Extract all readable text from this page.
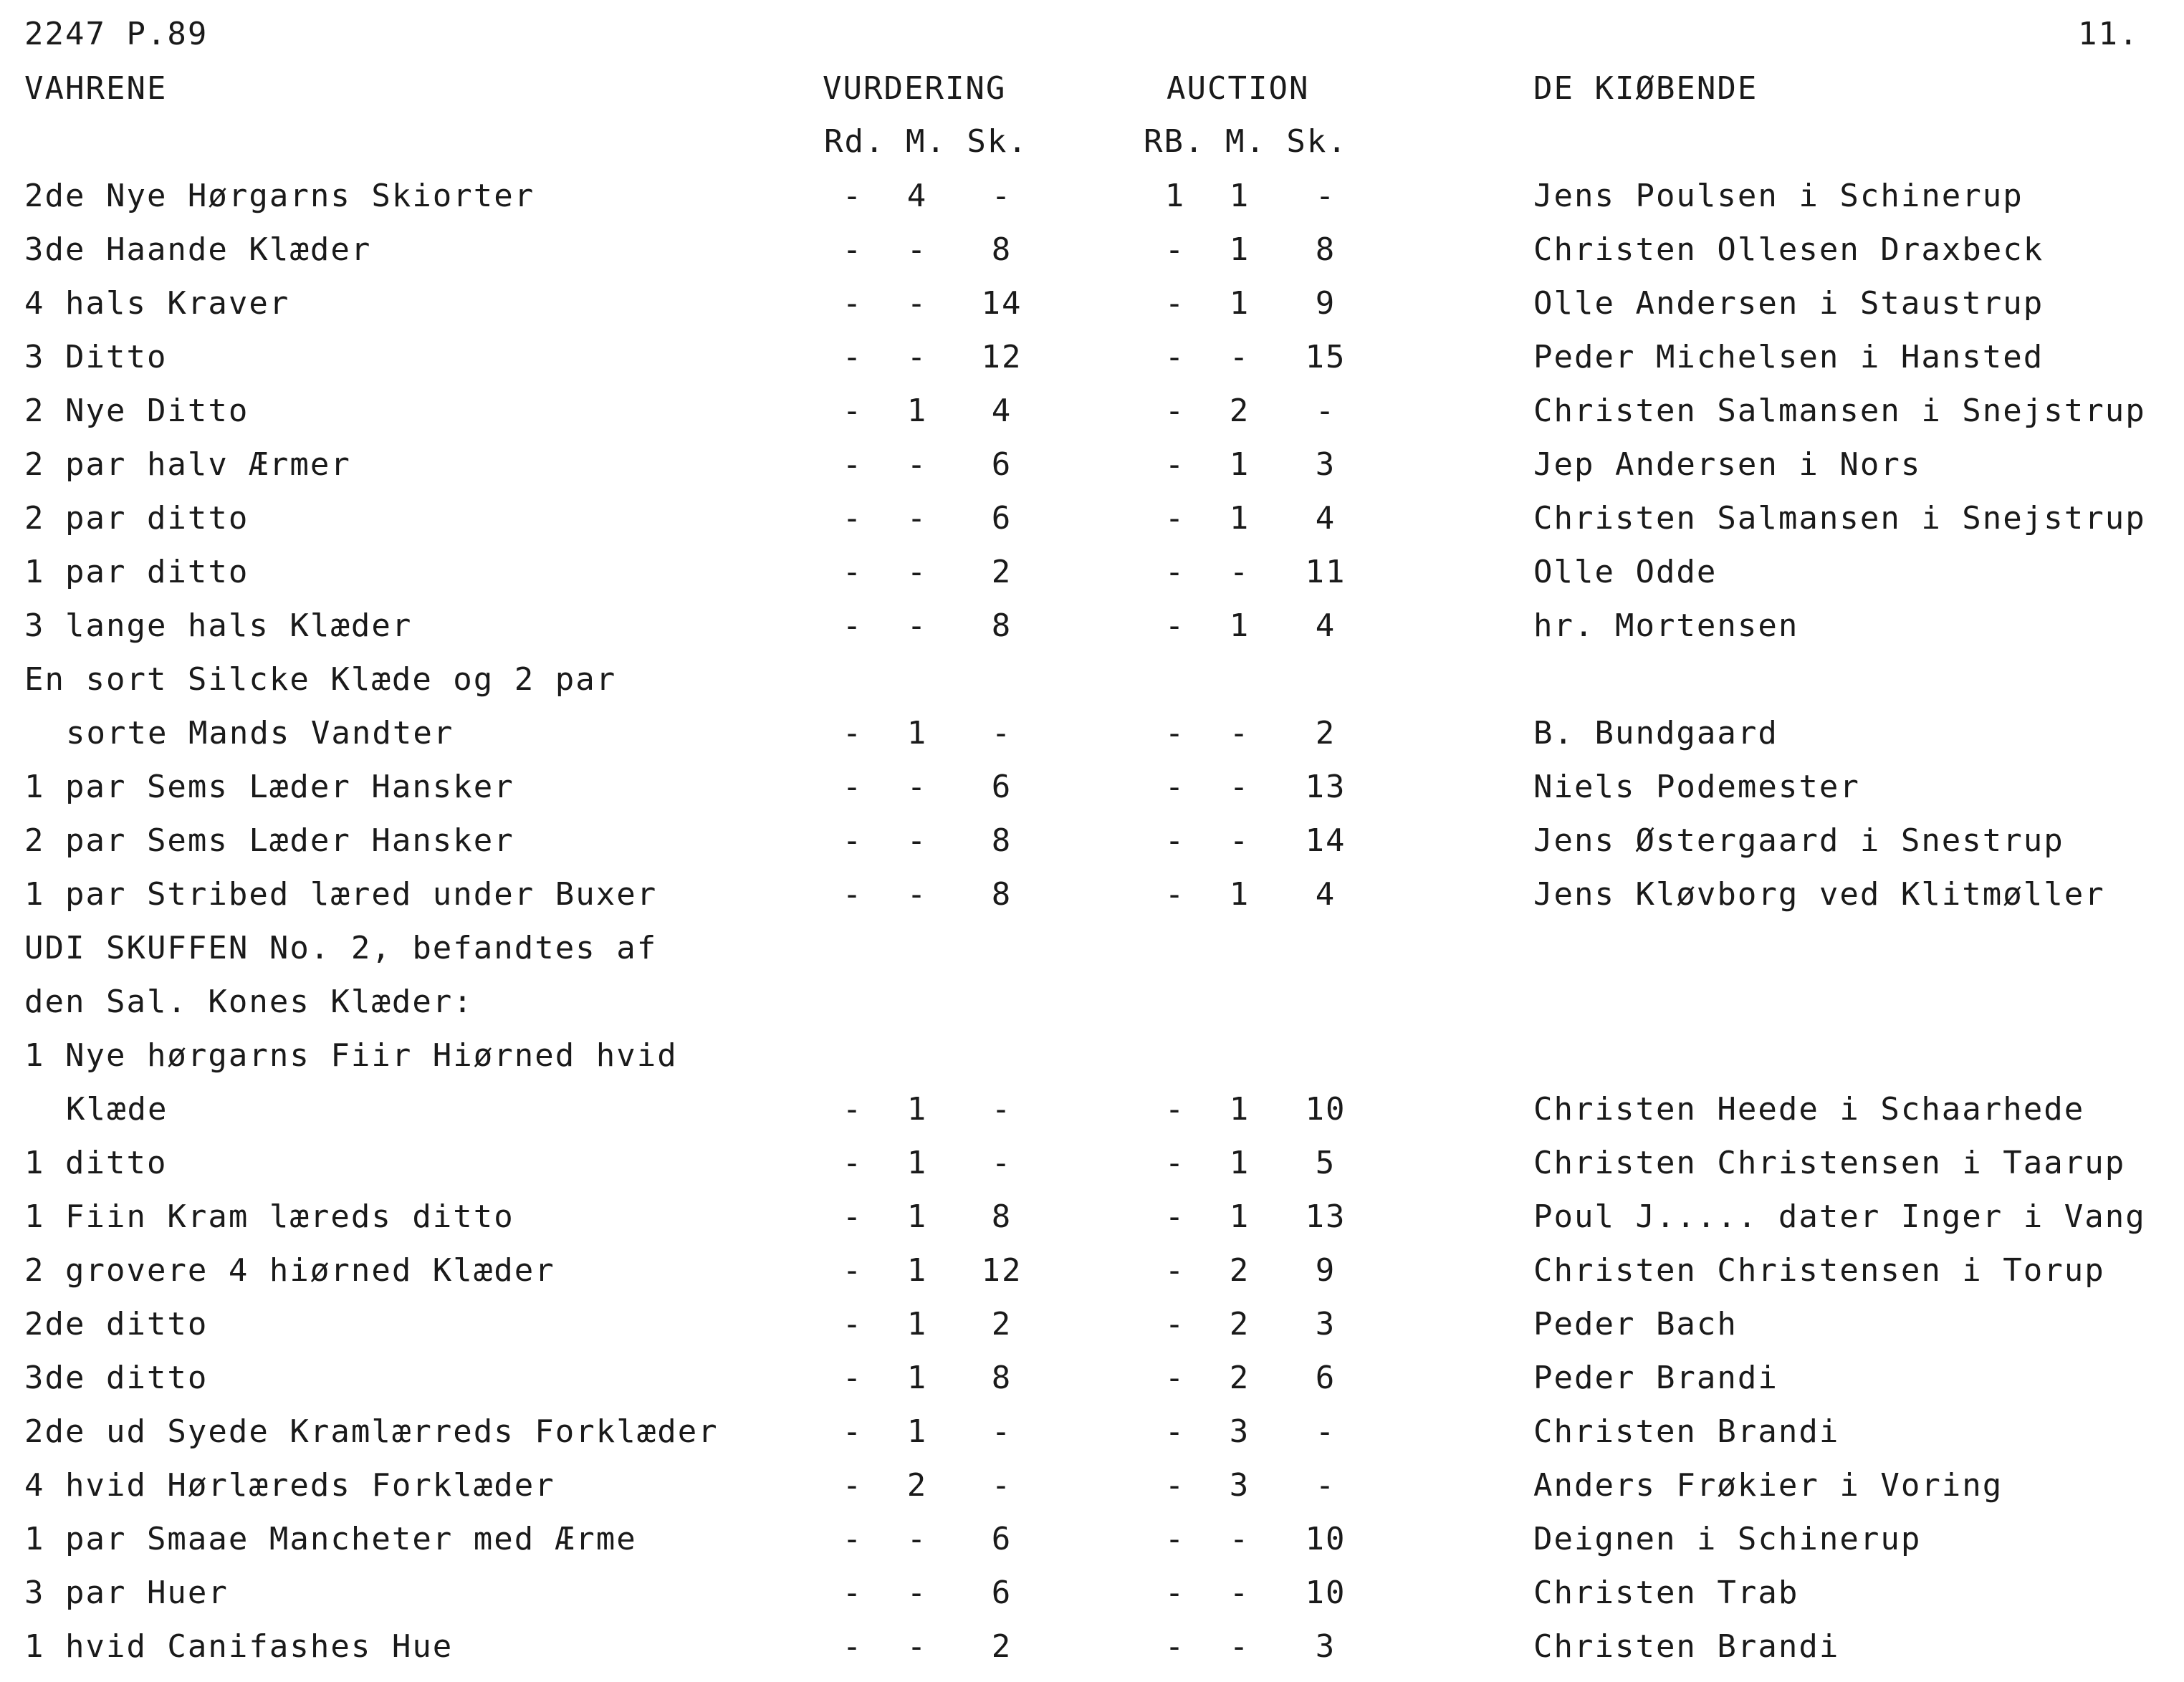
2247 P.89	11.
VAHRENE	VURDERING	AUCTION	DE KIØBENDE
Rd. M. Sk.	RB. M. Sk.
2de Nye Hørgarns Skiorter	-	4	-	1	1	-	Jens Poulsen i Schinerup
3de Haande Klæder	-	-	8	-	1	8	Christen Ollesen Draxbeck
4 hals Kraver	-	-	14	-	1	9	Olle Andersen i Staustrup
3 Ditto	-	-	12	-	-	15	Peder Michelsen i Hansted
2 Nye Ditto	-	1	4	-	2	-	Christen Salmansen i Snejstrup
2 par halv Ærmer	-	-	6	-	1	3	Jep Andersen i Nors
2 par ditto	-	-	6	-	1	4	Christen Salmansen i Snejstrup
1 par ditto	-	-	2	-	-	11	Olle Odde
3 lange hals Klæder	-	-	8	-	1	4	hr. Mortensen
En sort Silcke Klæde og 2 par
sorte Mands Vandter	-	1	-	-	-	2	B. Bundgaard
1 par Sems Læder Hansker	-	-	6	-	-	13	Niels Podemester
2 par Sems Læder Hansker	-	-	8	-	-	14	Jens Østergaard i Snestrup
1 par Stribed læred under Buxer	-	-	8	-	1	4	Jens Kløvborg ved Klitmøller
UDI SKUFFEN No. 2, befandtes af
den Sal. Kones Klæder:
1 Nye hørgarns Fiir Hiørned hvid
Klæde	-	1	-	-	1	10	Christen Heede i Schaarhede
1 ditto	-	1	-	-	1	5	Christen Christensen i Taarup
1 Fiin Kram læreds ditto	-	1	8	-	1	13	Poul J..... dater Inger i Vang
2 grovere 4 hiørned Klæder	-	1	12	-	2	9	Christen Christensen i Torup
2de ditto	-	1	2	-	2	3	Peder Bach
3de ditto	-	1	8	-	2	6	Peder Brandi
2de ud Syede Kramlærreds Forklæder	-	1	-	-	3	-	Christen Brandi
4 hvid Hørlæreds Forklæder	-	2	-	-	3	-	Anders Frøkier i Voring
1 par Smaae Mancheter med Ærme	-	-	6	-	-	10	Deignen i Schinerup
3 par Huer	-	-	6	-	-	10	Christen Trab
1 hvid Canifashes Hue	-	-	2	-	-	3	Christen Brandi
